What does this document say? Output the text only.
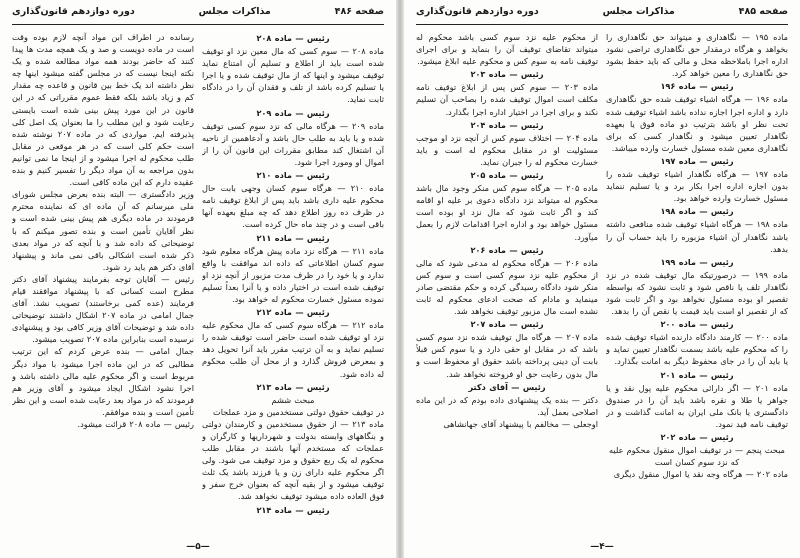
صفحه ۴۸۶
مذاکرات مجلس
دوره دوازدهم قانون‌گذاری

رئیس — ماده ۲۰۸

ماده ۲۰۸ — سوم کسی که مال معین نزد او توقیف شده است باید از اطلاع و تسلیم آن امتناع نماید توقیف میشود و اینها که از مال توقیف شده و یا اجرا یا تسلیم کرده باشد از تلف و فقدان آن را در دادگاه ثابت نماید.

رئیس — ماده ۲۰۹

ماده ۲۰۹ — هرگاه مالی که نزد سوم کسی توقیف شده و یا باید به طلب حال باشد و آدعاهمین از ناحیه آن اشتغال کند مطابق مقررات این قانون آن را از اموال او ومورد اجرا شود.

رئیس — ماده ۲۱۰

ماده ۲۱۰ — هرگاه سوم کسان وجهی بابت حال محکوم علیه داری باشد باید پس از ابلاغ توقیف نامه در ظرف ده روز اطلاع دهد که چه مبلغ بعهده آنها باقی است و در چند ماه حال کرده است.

رئیس — ماده ۲۱۱

ماده ۲۱۱ — هرگاه نزد ماده پیش هرگاه معلوم شود سوم کسان اطلاعاتی که داده اند موافقت با واقع ندارد و یا خود را در ظرف مدت مزبور از آنچه نزد او توقیف شده است در اختیار داده و یا آنرا بعداً تسلیم نموده مسئول خسارت محکوم له خواهد بود.

رئیس — ماده ۲۱۲

ماده ۲۱۲ — هرگاه سوم کسی که مال محکوم علیه نزد او توقیف شده است حاضر است توقیف شده را تسلیم نماید و به آن ترتیب مقرر باید آنرا تحویل دهد و بمعرض فروش گذارد و از محل آن طلب محکوم له داده شود.

رئیس — ماده ۲۱۳

مبحث ششم

در توقیف حقوق دولتی مستخدمین و مزد عملجات

ماده ۲۱۳ — از حقوق مستخدمین و کارمندان دولتی و بنگاههای وابسته بدولت و شهرداریها و کارگران و عملجات که مستخدم آنها باشند در مقابل طلب محکوم له یک ربع حقوق و مزد توقیف می شود. ولی اگر محکوم علیه دارای زن و یا فرزند باشد یک ثلث توقیف میشود و از بقیه آنچه که بعنوان خرج سفر و فوق العاده داده میشود توقیف نخواهد شد.

رئیس — ماده ۲۱۴

رسانده در اطراف ابن مواد آنچه لازم بوده وقت است در ماده دویست و صد و یک همچه مدت ها پیدا کنند که حاضر بودند همه مواد مطالعه شده و یک نکته اینجا نیست که در مجلس گفته میشود اینها چه نظر داشته اند یک خط بین قانون و قاعده چه مقدار کم و زیاد باشد بلکه فقط عموم مقرراتی که در این قانون در این مورد پیش بینی شده است بایستی رعایت شود و این مطلب را ما بعنوان یک اصل کلی پذیرفته ایم. مواردی که در ماده ۲۰۷ نوشته شده است حکم کلی است که در هر موقعی در مقابل طلب محکوم له اجرا میشود و از اینجا ما نمی توانیم بدون مراجعه به آن مواد دیگر را تفسیر کنیم و بنده عقیده دارم که این ماده کافی است.

وزیر دادگستری — البته بنده بعرض مجلس شورای ملی میرسانم که آن ماده ای که نماینده محترم فرمودند در ماده دیگری هم پیش بینی شده است و نظر آقایان تأمین است و بنده تصور میکنم که با توضیحاتی که داده شد و با آنچه که در مواد بعدی ذکر شده است اشکالی باقی نمی ماند و پیشنهاد آقای دکتر هم باید رد شود.

رئیس — آقایان توجه بفرمایند پیشنهاد آقای دکتر مطرح است کسانی که با پیشنهاد موافقند قیام فرمایند (عده کمی برخاستند) تصویب نشد. آقای جمال امامی در ماده ۲۰۷ اشکال داشتند توضیحاتی داده شد و توضیحات آقای وزیر کافی بود و پیشنهادی نرسیده است بنابراین ماده ۲۰۷ تصویب میشود.

جمال امامی — بنده عرض کردم که این ترتیب مطالبی که در این ماده اجرا میشود با مواد دیگر مربوط است و اگر محکوم علیه مالی داشته باشد و اجرا نشود اشکال ایجاد میشود و آقای وزیر هم فرمودند که در مواد بعد رعایت شده است و این نظر تأمین است و بنده موافقم.

رئیس — ماده ۲۰۸ قرائت میشود.

—۵—
صفحه ۴۸۵
مذاکرات مجلس
دوره دوازدهم قانون‌گذاری

ماده ۱۹۵ — نگاهداری و میتواند حق نگاهداری را بخواهد و هرگاه درمقدار حق نگاهداری تراضی نشود اداره اجرا باملاحظه محل و مالی که باید حفظ بشود حق نگاهداری را معین خواهد کرد.

رئیس — ماده ۱۹۶

ماده ۱۹۶ — هرگاه اشیاء توقیف شده حق نگاهداری دارد و اداره اجرا اجازه نداده باشد اشیاء توقیف شده تحت نظر او باشد بترتیب دو ماده فوق یا بعهده نگاهدار تعیین میشود و نگاهدار کسی که برای نگاهداری معین شده مسئول خسارت وارده میباشد.

رئیس — ماده ۱۹۷

ماده ۱۹۷ — هرگاه نگاهدار اشیاء توقیف شده را بدون اجازه اداره اجرا بکار برد و یا تسلیم ننماید مسئول خسارت وارده خواهد بود.

رئیس — ماده ۱۹۸

ماده ۱۹۸ — هرگاه اشیاء توقیف شده منافعی داشته باشد نگاهدار آن اشیاء مزبوره را باید حساب آن را بدهد.

رئیس — ماده ۱۹۹

ماده ۱۹۹ — درصورتیکه مال توقیف شده در نزد نگاهدار تلف یا ناقص شود و ثابت نشود که بواسطه تقصیر او بوده مسئول نخواهد بود و اگر ثابت شود که از تقصیر او است باید قیمت یا نقص آن را بدهد.

رئیس — ماده ۲۰۰

ماده ۲۰۰ — کارمند دادگاه دارنده اشیاء توقیف شده را که محکوم علیه باشد بسمت نگاهدار تعیین نماید و یا باید آن را در جای محفوظ دیگر به امانت بگذارد.

رئیس — ماده ۲۰۱

ماده ۲۰۱ — اگر دارائی محکوم علیه پول نقد و یا جواهر یا طلا و نقره باشد باید آن را در صندوق دادگستری یا بانک ملی ایران به امانت گذاشت و در توقیف نامه قید نمود.

رئیس — ماده ۲۰۲

مبحث پنجم — در توقیف اموال منقول محکوم علیه که نزد سوم کسان است

ماده ۲۰۲ — هرگاه وجه نقد یا اموال منقول دیگری

از محکوم علیه نزد سوم کسی باشد محکوم له میتواند تقاضای توقیف آن را بنماید و برای اجرای توقیف نامه به سوم کس و محکوم علیه ابلاغ میشود.

رئیس — ماده ۲۰۳

ماده ۲۰۳ — سوم کس پس از ابلاغ توقیف نامه مکلف است اموال توقیف شده را بصاحب آن تسلیم نکند و برای اجرا در اختیار اداره اجرا بگذارد.

رئیس — ماده ۲۰۴

ماده ۲۰۴ — اختلاف سوم کس از آنچه نزد او موجب مسئولیت او در مقابل محکوم له است و باید خسارت محکوم له را جبران نماید.

رئیس — ماده ۲۰۵

ماده ۲۰۵ — هرگاه سوم کس منکر وجود مال باشد محکوم له میتواند نزد دادگاه دعوی بر علیه او اقامه کند و اگر ثابت شود که مال نزد او بوده است مسئول خواهد بود و اداره اجرا اقدامات لازم را بعمل میآورد.

رئیس — ماده ۲۰۶

ماده ۲۰۶ — هرگاه محکوم له مدعی شود که مالی از محکوم علیه نزد سوم کسی است و سوم کس منکر شود دادگاه رسیدگی کرده و حکم مقتضی صادر مینماید و مادام که صحت ادعای محکوم له ثابت نشده است مال مزبور توقیف نخواهد شد.

رئیس — ماده ۲۰۷

ماده ۲۰۷ — هرگاه مال توقیف شده نزد سوم کسی باشد که در مقابل او حقی دارد و یا سوم کس قبلاً بابت آن دینی پرداخته باشد حقوق او محفوظ است و مال بدون رعایت حق او فروخته نخواهد شد.

رئیس — آقای دکتر

دکتر — بنده یک پیشنهادی داده بودم که در این ماده اصلاحی بعمل آید.

اوجعلی — مخالفم با پیشنهاد آقای جهانشاهی

—۴—
